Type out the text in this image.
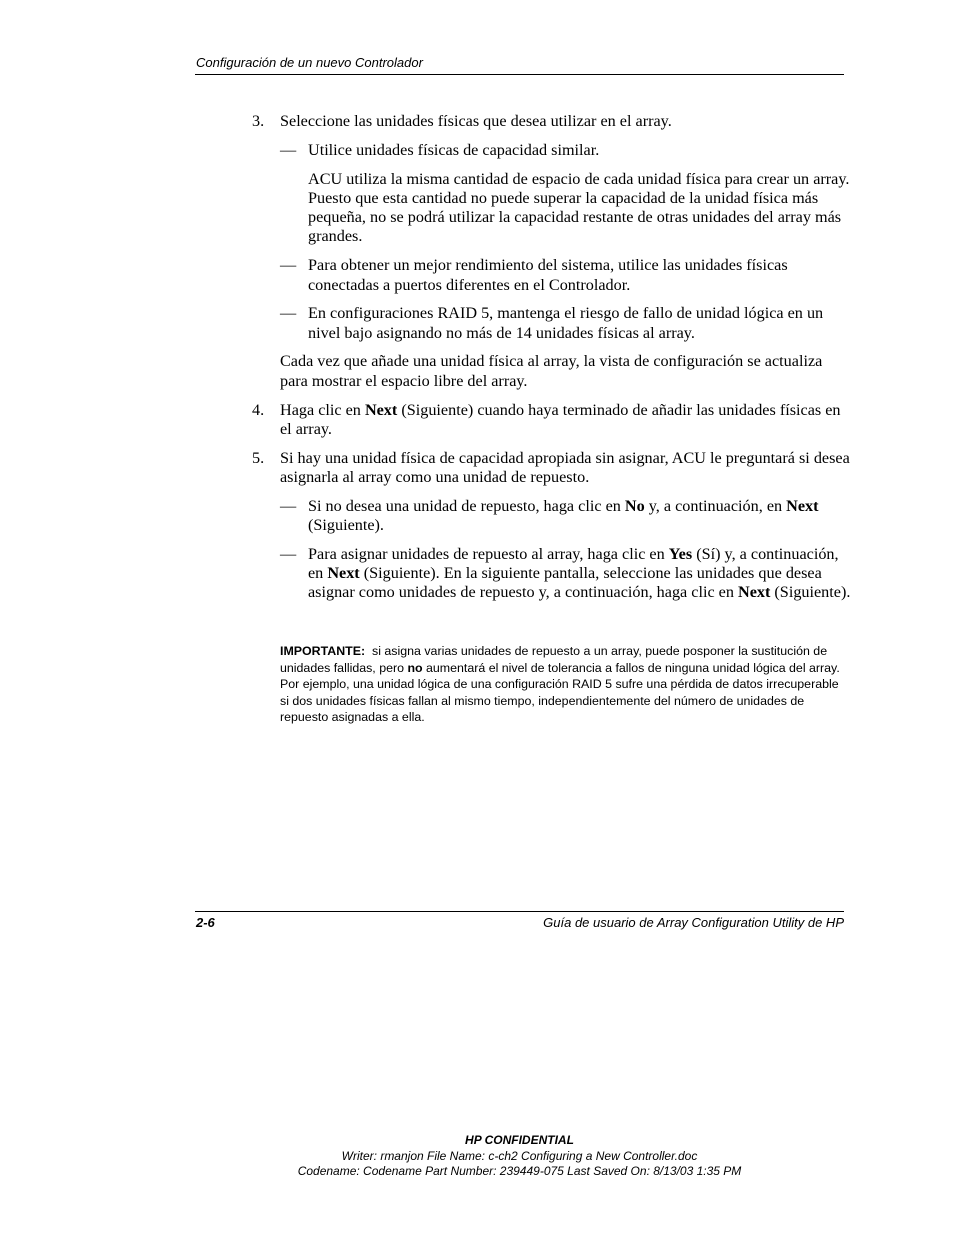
Configuración de un nuevo Controlador
3. Seleccione las unidades físicas que desea utilizar en el array.

— Utilice unidades físicas de capacidad similar.

ACU utiliza la misma cantidad de espacio de cada unidad física para crear un array. Puesto que esta cantidad no puede superar la capacidad de la unidad física más pequeña, no se podrá utilizar la capacidad restante de otras unidades del array más grandes.

— Para obtener un mejor rendimiento del sistema, utilice las unidades físicas conectadas a puertos diferentes en el Controlador.

— En configuraciones RAID 5, mantenga el riesgo de fallo de unidad lógica en un nivel bajo asignando no más de 14 unidades físicas al array.

Cada vez que añade una unidad física al array, la vista de configuración se actualiza para mostrar el espacio libre del array.

4. Haga clic en Next (Siguiente) cuando haya terminado de añadir las unidades físicas en el array.

5. Si hay una unidad física de capacidad apropiada sin asignar, ACU le preguntará si desea asignarla al array como una unidad de repuesto.

— Si no desea una unidad de repuesto, haga clic en No y, a continuación, en Next (Siguiente).

— Para asignar unidades de repuesto al array, haga clic en Yes (Sí) y, a continuación, en Next (Siguiente). En la siguiente pantalla, seleccione las unidades que desea asignar como unidades de repuesto y, a continuación, haga clic en Next (Siguiente).

IMPORTANTE: si asigna varias unidades de repuesto a un array, puede posponer la sustitución de unidades fallidas, pero no aumentará el nivel de tolerancia a fallos de ninguna unidad lógica del array. Por ejemplo, una unidad lógica de una configuración RAID 5 sufre una pérdida de datos irrecuperable si dos unidades físicas fallan al mismo tiempo, independientemente del número de unidades de repuesto asignadas a ella.
2-6	Guía de usuario de Array Configuration Utility de HP
HP CONFIDENTIAL
Writer: rmanjon File Name: c-ch2 Configuring a New Controller.doc
Codename: Codename Part Number: 239449-075 Last Saved On: 8/13/03 1:35 PM
